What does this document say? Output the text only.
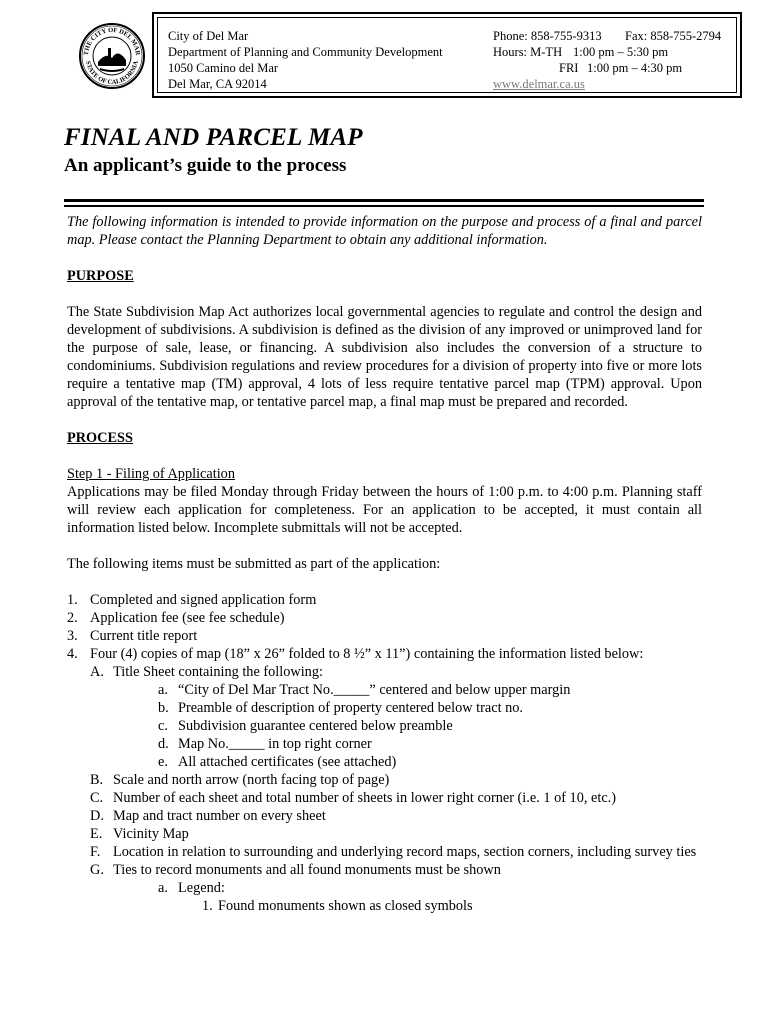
THE CITY OF DEL MAR
STATE OF CALIFORNIA
City of Del Mar
Department of Planning and Community Development
1050 Camino del Mar
Del Mar, CA 92014
Phone: 858-755-9313 Fax: 858-755-2794
Hours: M-TH 1:00 pm – 5:30 pm
FRI 1:00 pm – 4:30 pm
www.delmar.ca.us
FINAL AND PARCEL MAP
An applicant’s guide to the process

The following information is intended to provide information on the purpose and process of a final and parcel map. Please contact the Planning Department to obtain any additional information.

PURPOSE

The State Subdivision Map Act authorizes local governmental agencies to regulate and control the design and development of subdivisions. A subdivision is defined as the division of any improved or unimproved land for the purpose of sale, lease, or financing. A subdivision also includes the conversion of a structure to condominiums. Subdivision regulations and review procedures for a division of property into five or more lots require a tentative map (TM) approval, 4 lots of less require tentative parcel map (TPM) approval. Upon approval of the tentative map, or tentative parcel map, a final map must be prepared and recorded.

PROCESS
Step 1 - Filing of Application

Applications may be filed Monday through Friday between the hours of 1:00 p.m. to 4:00 p.m. Planning staff will review each application for completeness. For an application to be accepted, it must contain all information listed below. Incomplete submittals will not be accepted.

The following items must be submitted as part of the application:

1. Completed and signed application form
2. Application fee (see fee schedule)
3. Current title report
4. Four (4) copies of map (18” x 26” folded to 8 ½” x 11”) containing the information listed below:
A. Title Sheet containing the following:
a. “City of Del Mar Tract No._____” centered and below upper margin
b. Preamble of description of property centered below tract no.
c. Subdivision guarantee centered below preamble
d. Map No._____ in top right corner
e. All attached certificates (see attached)
B. Scale and north arrow (north facing top of page)
C. Number of each sheet and total number of sheets in lower right corner (i.e. 1 of 10, etc.)
D. Map and tract number on every sheet
E. Vicinity Map
F. Location in relation to surrounding and underlying record maps, section corners, including survey ties
G. Ties to record monuments and all found monuments must be shown
a. Legend:
1. Found monuments shown as closed symbols
